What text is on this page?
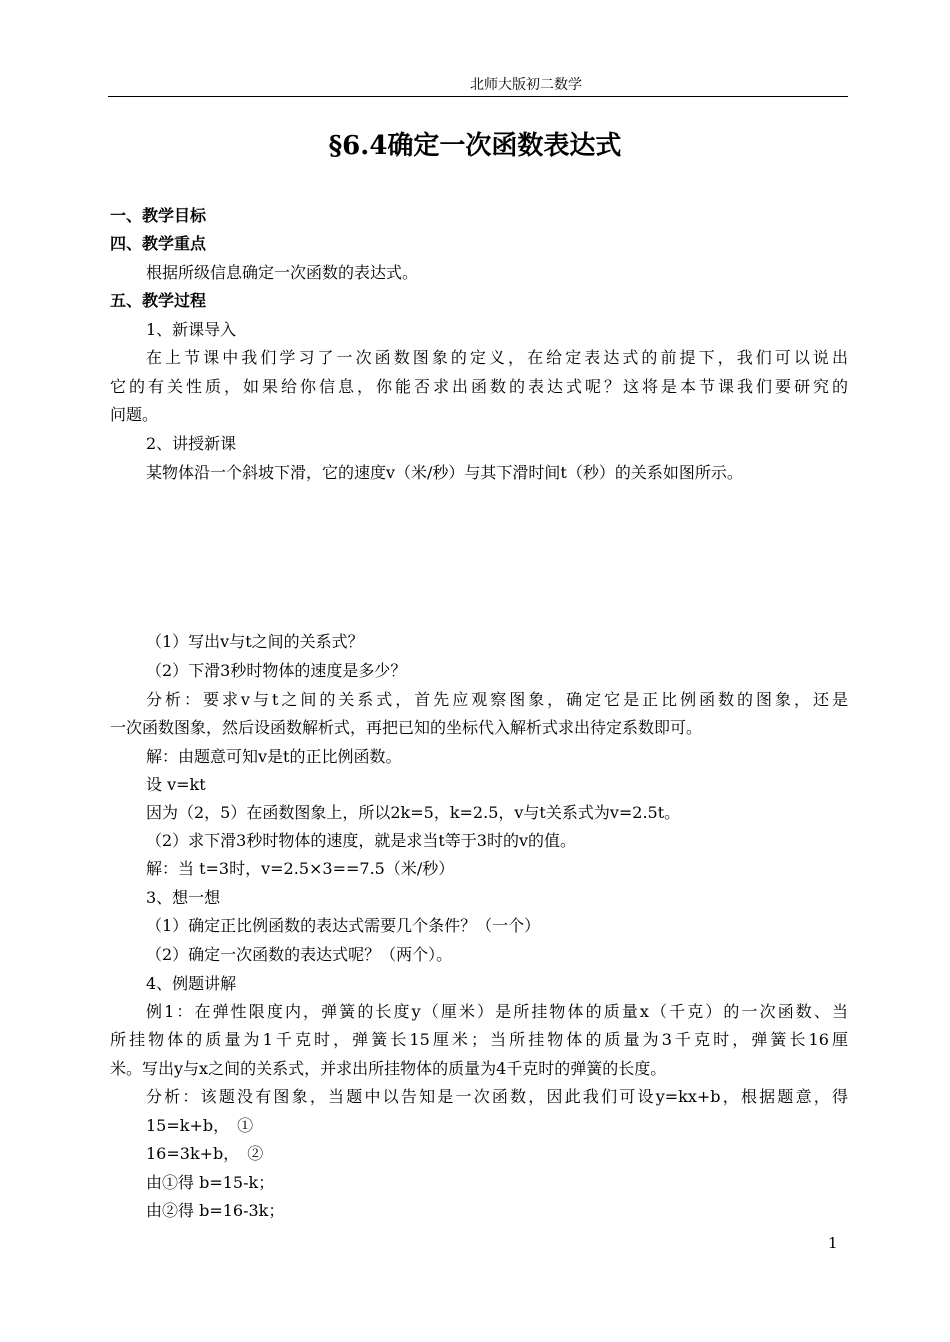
北师大版初二数学
§6.4确定一次函数表达式
一、教学目标
四、教学重点
根据所级信息确定一次函数的表达式。
五、教学过程
1、新课导入
在上节课中我们学习了一次函数图象的定义，在给定表达式的前提下，我们可以说出
它的有关性质，如果给你信息，你能否求出函数的表达式呢？这将是本节课我们要研究的
问题。
2、讲授新课
某物体沿一个斜坡下滑，它的速度v（米/秒）与其下滑时间t（秒）的关系如图所示。
（1）写出v与t之间的关系式？
（2）下滑3秒时物体的速度是多少？
分析：要求v与t之间的关系式，首先应观察图象，确定它是正比例函数的图象，还是
一次函数图象，然后设函数解析式，再把已知的坐标代入解析式求出待定系数即可。
解：由题意可知v是t的正比例函数。
设 v=kt
因为（2，5）在函数图象上，所以2k=5，k=2.5，v与t关系式为v=2.5t。
（2）求下滑3秒时物体的速度，就是求当t等于3时的v的值。
解：当 t=3时，v=2.5×3==7.5（米/秒）
3、想一想
（1）确定正比例函数的表达式需要几个条件？（一个）
（2）确定一次函数的表达式呢？（两个）。
4、例题讲解
例1：在弹性限度内，弹簧的长度y（厘米）是所挂物体的质量x（千克）的一次函数、当
所挂物体的质量为1千克时，弹簧长15厘米；当所挂物体的质量为3千克时，弹簧长16厘
米。写出y与x之间的关系式，并求出所挂物体的质量为4千克时的弹簧的长度。
分析：该题没有图象，当题中以告知是一次函数，因此我们可设y=kx+b，根据题意，得
15=k+b，　①
16=3k+b，　②
由①得 b=15-k；
由②得 b=16-3k；
1
